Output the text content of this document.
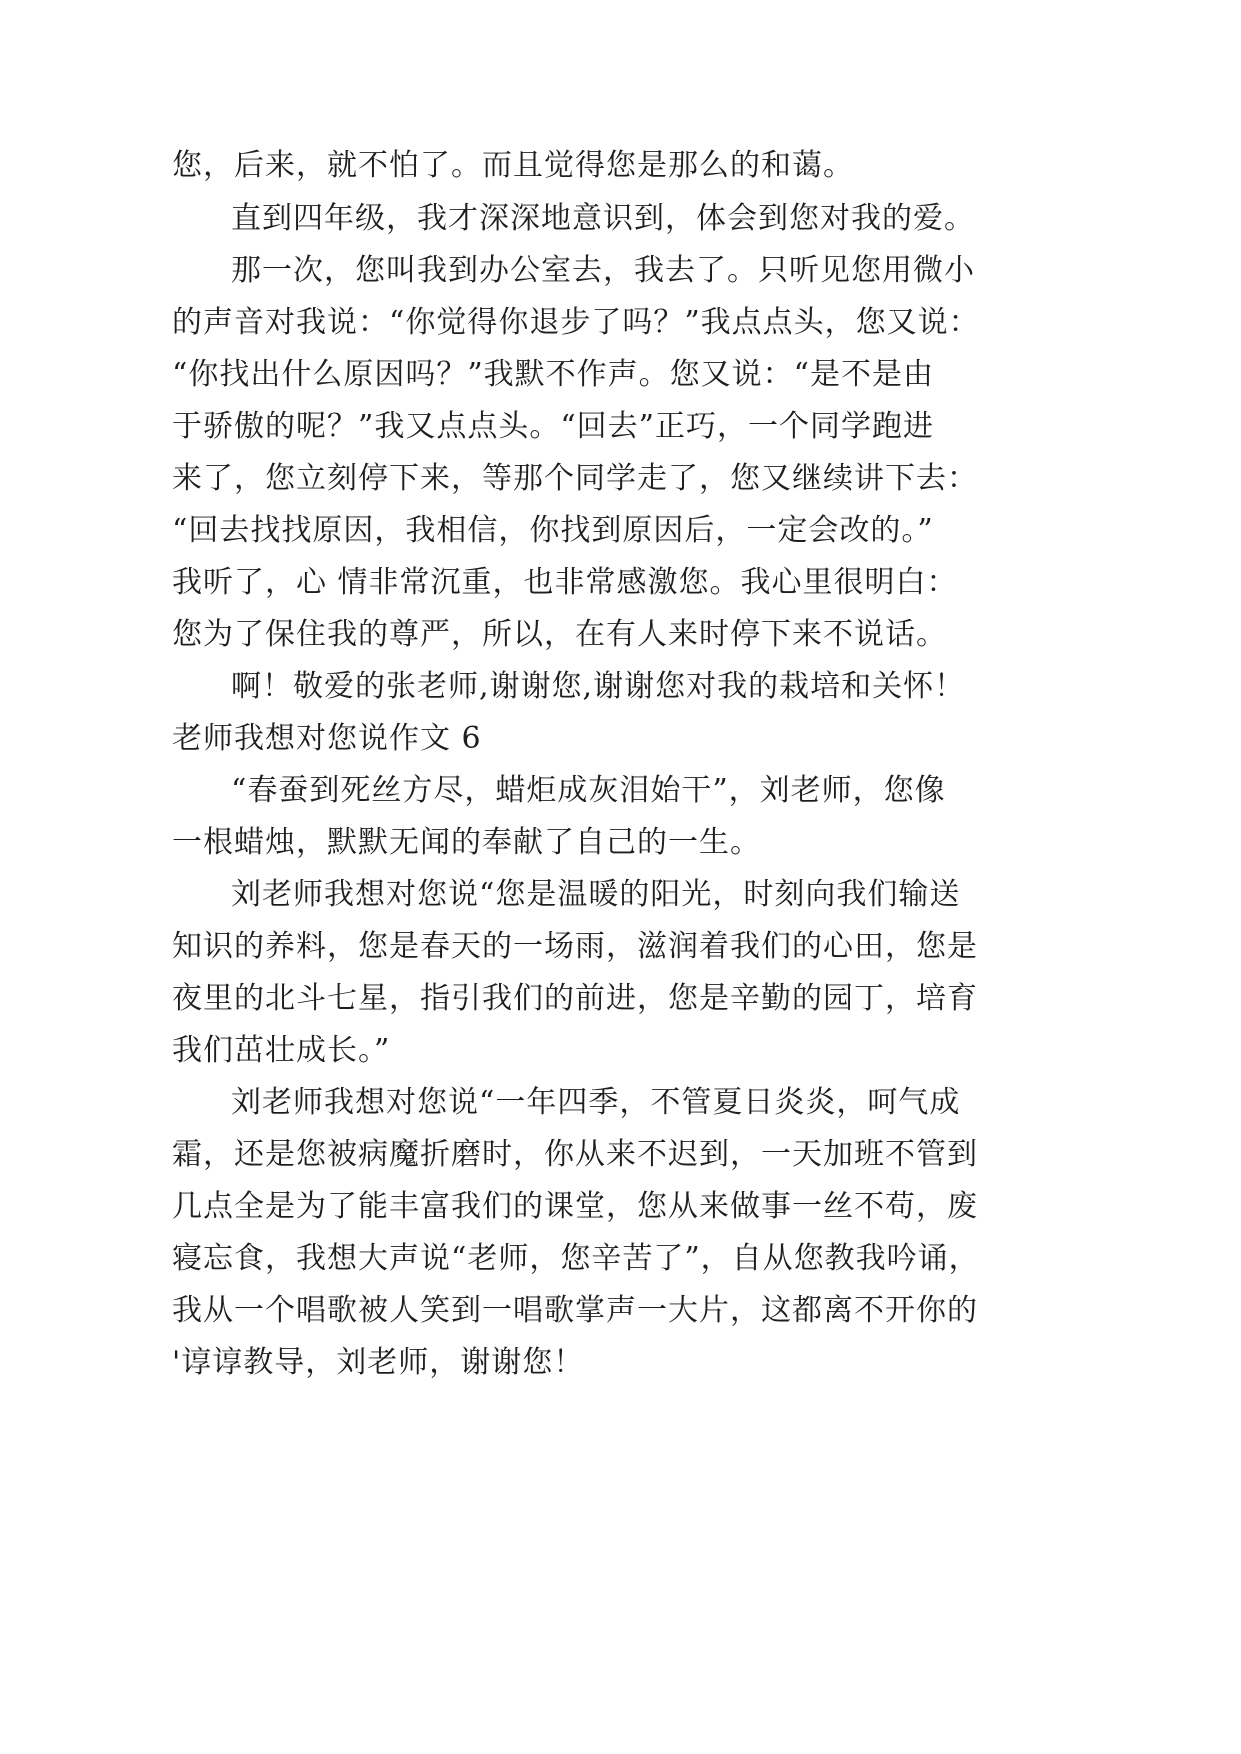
您，后来，就不怕了。而且觉得您是那么的和蔼。
直到四年级，我才深深地意识到，体会到您对我的爱。
那一次，您叫我到办公室去，我去了。只听见您用微小
的声音对我说：“你觉得你退步了吗？”我点点头，您又说：
“你找出什么原因吗？”我默不作声。您又说：“是不是由
于骄傲的呢？”我又点点头。“回去”正巧，一个同学跑进
来了，您立刻停下来，等那个同学走了，您又继续讲下去：
“回去找找原因，我相信，你找到原因后，一定会改的。”
我听了，心 情非常沉重，也非常感激您。我心里很明白：
您为了保住我的尊严，所以，在有人来时停下来不说话。
啊！敬爱的张老师,谢谢您,谢谢您对我的栽培和关怀！
老师我想对您说作文 6
“春蚕到死丝方尽，蜡炬成灰泪始干”，刘老师，您像
一根蜡烛，默默无闻的奉献了自己的一生。
刘老师我想对您说“您是温暖的阳光，时刻向我们输送
知识的养料，您是春天的一场雨，滋润着我们的心田，您是
夜里的北斗七星，指引我们的前进，您是辛勤的园丁，培育
我们茁壮成长。”
刘老师我想对您说“一年四季，不管夏日炎炎，呵气成
霜，还是您被病魔折磨时，你从来不迟到，一天加班不管到
几点全是为了能丰富我们的课堂，您从来做事一丝不苟，废
寝忘食，我想大声说“老师，您辛苦了”，自从您教我吟诵，
我从一个唱歌被人笑到一唱歌掌声一大片，这都离不开你的
'谆谆教导，刘老师，谢谢您！
